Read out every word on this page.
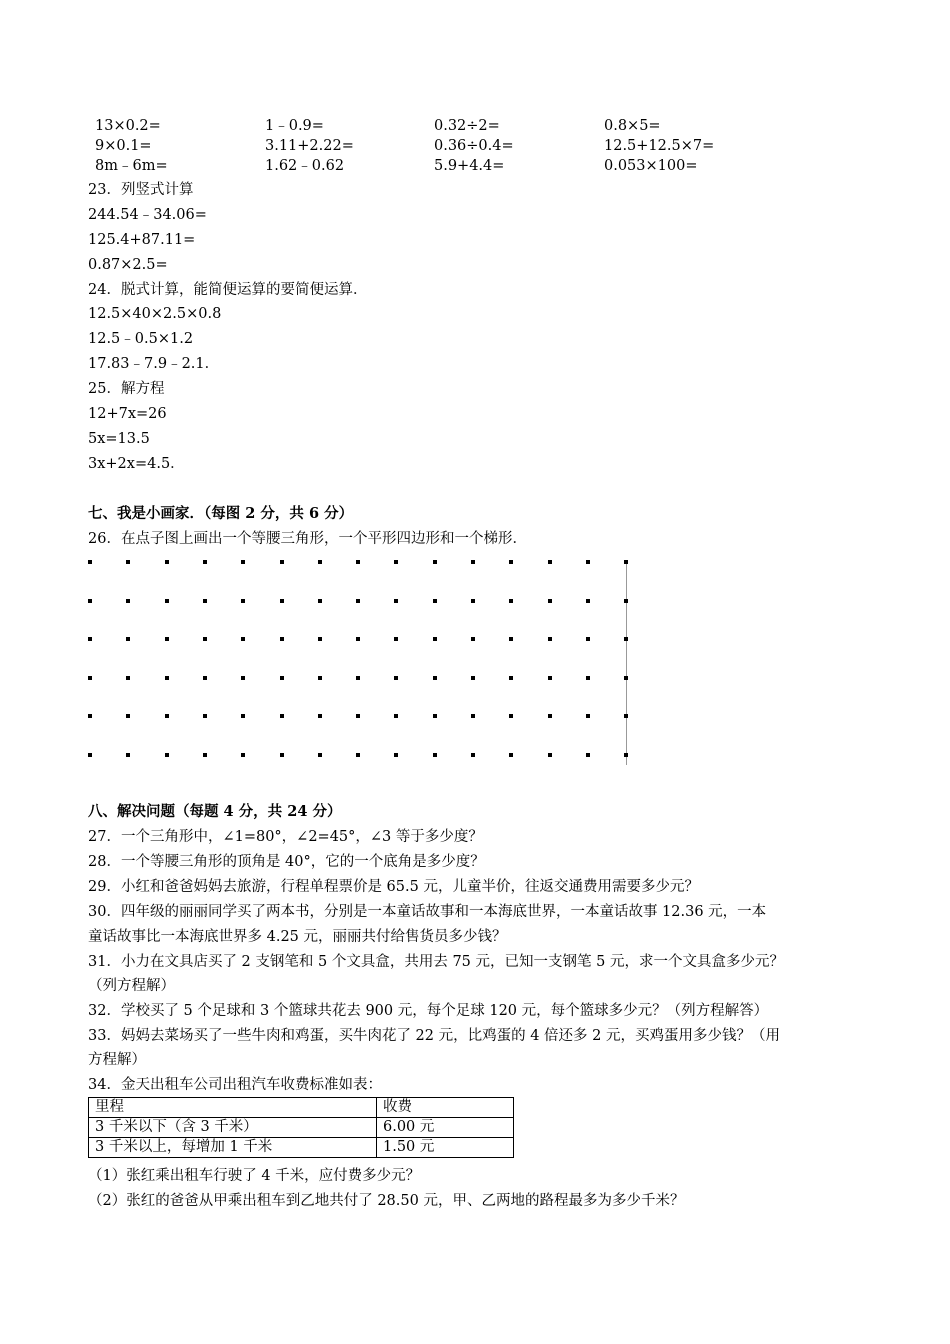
13×0.2=	1﹣0.9=	0.32÷2=	0.8×5=
9×0.1=	3.11+2.22=	0.36÷0.4=	12.5+12.5×7=
8m﹣6m=	1.62﹣0.62	5.9+4.4=	0.053×100=
23．列竖式计算
244.54﹣34.06=
125.4+87.11=
0.87×2.5=
24．脱式计算，能简便运算的要简便运算．
12.5×40×2.5×0.8
12.5﹣0.5×1.2
17.83﹣7.9﹣2.1．
25．解方程
12+7x=26
5x=13.5
3x+2x=4.5．
七、我是小画家．（每图 2 分，共 6 分）
26．在点子图上画出一个等腰三角形，一个平形四边形和一个梯形．
八、解决问题（每题 4 分，共 24 分）
27．一个三角形中，∠1=80°，∠2=45°，∠3 等于多少度？
28．一个等腰三角形的顶角是 40°，它的一个底角是多少度？
29．小红和爸爸妈妈去旅游，行程单程票价是 65.5 元，儿童半价，往返交通费用需要多少元？
30．四年级的丽丽同学买了两本书，分别是一本童话故事和一本海底世界，一本童话故事 12.36 元，一本
童话故事比一本海底世界多 4.25 元，丽丽共付给售货员多少钱？
31．小力在文具店买了 2 支钢笔和 5 个文具盒，共用去 75 元，已知一支钢笔 5 元，求一个文具盒多少元？
（列方程解）
32．学校买了 5 个足球和 3 个篮球共花去 900 元，每个足球 120 元，每个篮球多少元？（列方程解答）
33．妈妈去菜场买了一些牛肉和鸡蛋，买牛肉花了 22 元，比鸡蛋的 4 倍还多 2 元，买鸡蛋用多少钱？（用
方程解）
34．金天出租车公司出租汽车收费标准如表：
里程	收费
3 千米以下（含 3 千米）	6.00 元
3 千米以上，每增加 1 千米	1.50 元
（1）张红乘出租车行驶了 4 千米，应付费多少元？
（2）张红的爸爸从甲乘出租车到乙地共付了 28.50 元，甲、乙两地的路程最多为多少千米？
